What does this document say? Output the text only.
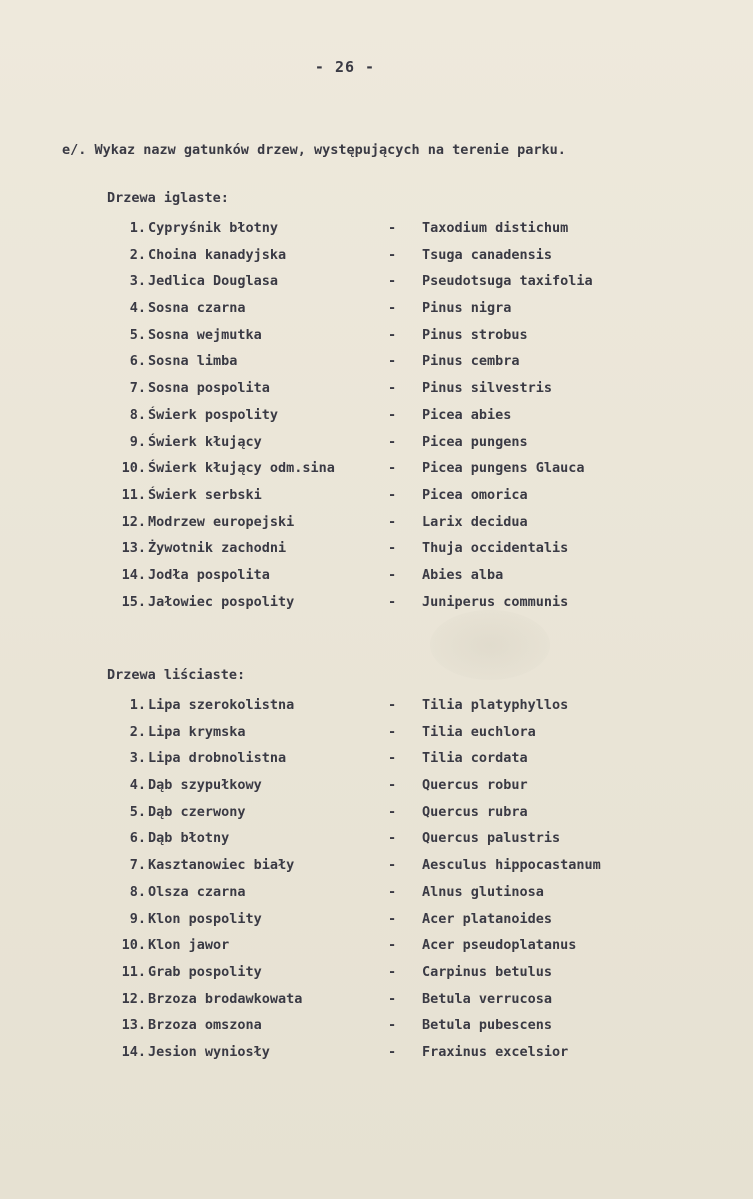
- 26 -
e/. Wykaz nazw gatunków drzew, występujących na terenie parku.
Drzewa iglaste:
1. Cypryśnik błotny	- Taxodium distichum
2. Choina kanadyjska	- Tsuga canadensis
3. Jedlica Douglasa	- Pseudotsuga taxifolia
4. Sosna czarna	- Pinus nigra
5. Sosna wejmutka	- Pinus strobus
6. Sosna limba	- Pinus cembra
7. Sosna pospolita	- Pinus silvestris
8. Świerk pospolity	- Picea abies
9. Świerk kłujący	- Picea pungens
10. Świerk kłujący odm.sina	- Picea pungens Glauca
11. Świerk serbski	- Picea omorica
12. Modrzew europejski	- Larix decidua
13. Żywotnik zachodni	- Thuja occidentalis
14. Jodła pospolita	- Abies alba
15. Jałowiec pospolity	- Juniperus communis
Drzewa liściaste:
1. Lipa szerokolistna	- Tilia platyphyllos
2. Lipa krymska	- Tilia euchlora
3. Lipa drobnolistna	- Tilia cordata
4. Dąb szypułkowy	- Quercus robur
5. Dąb czerwony	- Quercus rubra
6. Dąb błotny	- Quercus palustris
7. Kasztanowiec biały	- Aesculus hippocastanum
8. Olsza czarna	- Alnus glutinosa
9. Klon pospolity	- Acer platanoides
10. Klon jawor	- Acer pseudoplatanus
11. Grab pospolity	- Carpinus betulus
12. Brzoza brodawkowata	- Betula verrucosa
13. Brzoza omszona	- Betula pubescens
14. Jesion wyniosły	- Fraxinus excelsior
